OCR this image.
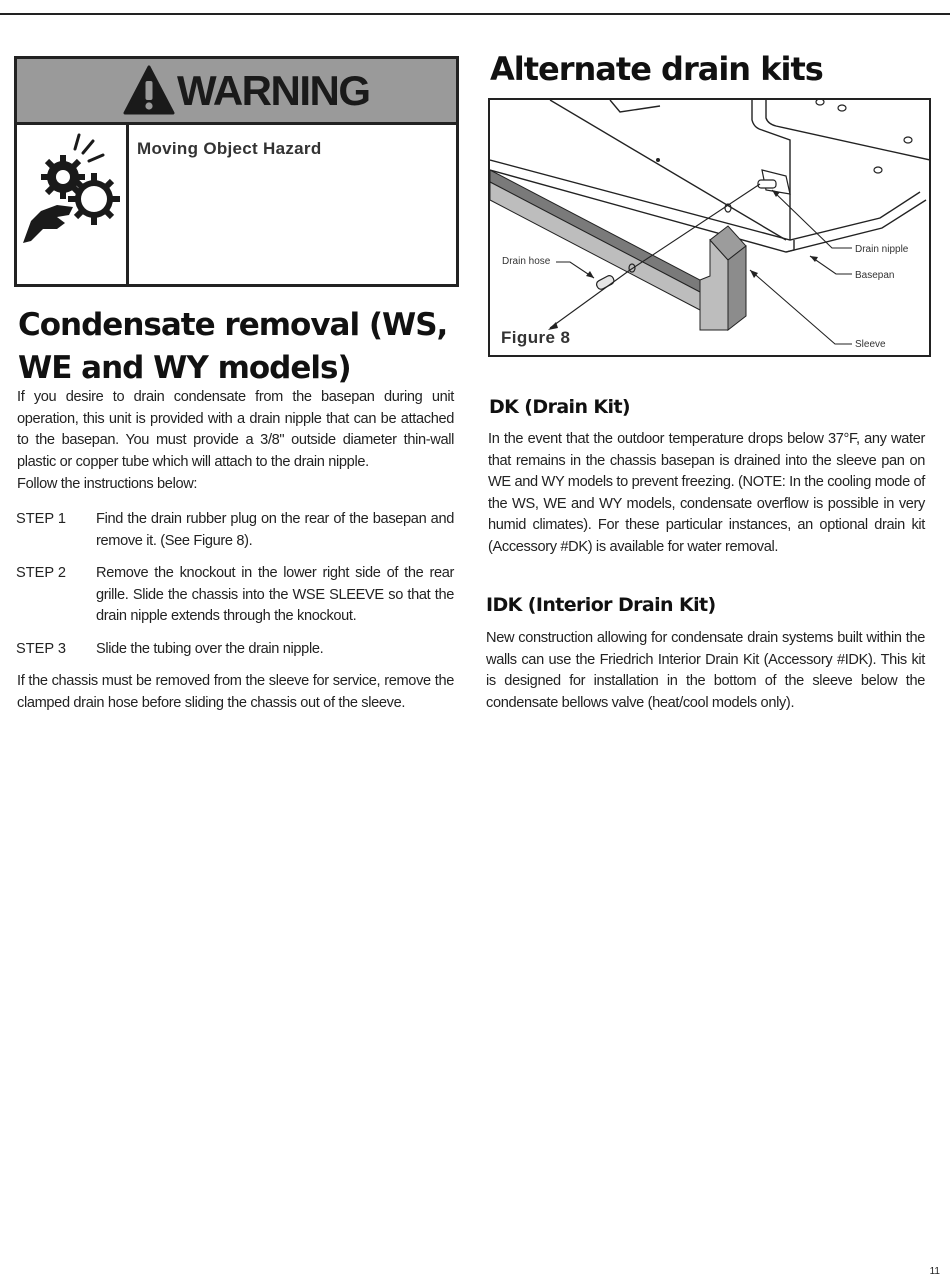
WARNING
Moving Object Hazard
Condensate removal (WS, WE and WY models)
If you desire to drain condensate from the basepan during unit operation, this unit is provided with a drain nipple that can be attached to the basepan. You must provide a 3/8" outside diameter thin-wall plastic or copper tube which will attach to the drain nipple.
Follow the instructions below:
STEP 1 Find the drain rubber plug on the rear of the basepan and remove it. (See Figure 8).
STEP 2 Remove the knockout in the lower right side of the rear grille. Slide the chassis into the WSE SLEEVE so that the drain nipple extends through the knockout.
STEP 3 Slide the tubing over the drain nipple.
If the chassis must be removed from the sleeve for service, remove the clamped drain hose before sliding the chassis out of the sleeve.
Alternate drain kits
Drain hose
Drain nipple
Basepan
Sleeve
Figure 8
DK (Drain Kit)
In the event that the outdoor temperature drops below 37°F, any water that remains in the chassis basepan is drained into the sleeve pan on WE and WY models to prevent freezing. (NOTE: In the cooling mode of the WS, WE and WY models, condensate overflow is possible in very humid climates). For these particular instances, an optional drain kit (Accessory #DK) is available for water removal.
IDK (Interior Drain Kit)
New construction allowing for condensate drain systems built within the walls can use the Friedrich Interior Drain Kit (Accessory #IDK). This kit is designed for installation in the bottom of the sleeve below the condensate bellows valve (heat/cool models only).
11
